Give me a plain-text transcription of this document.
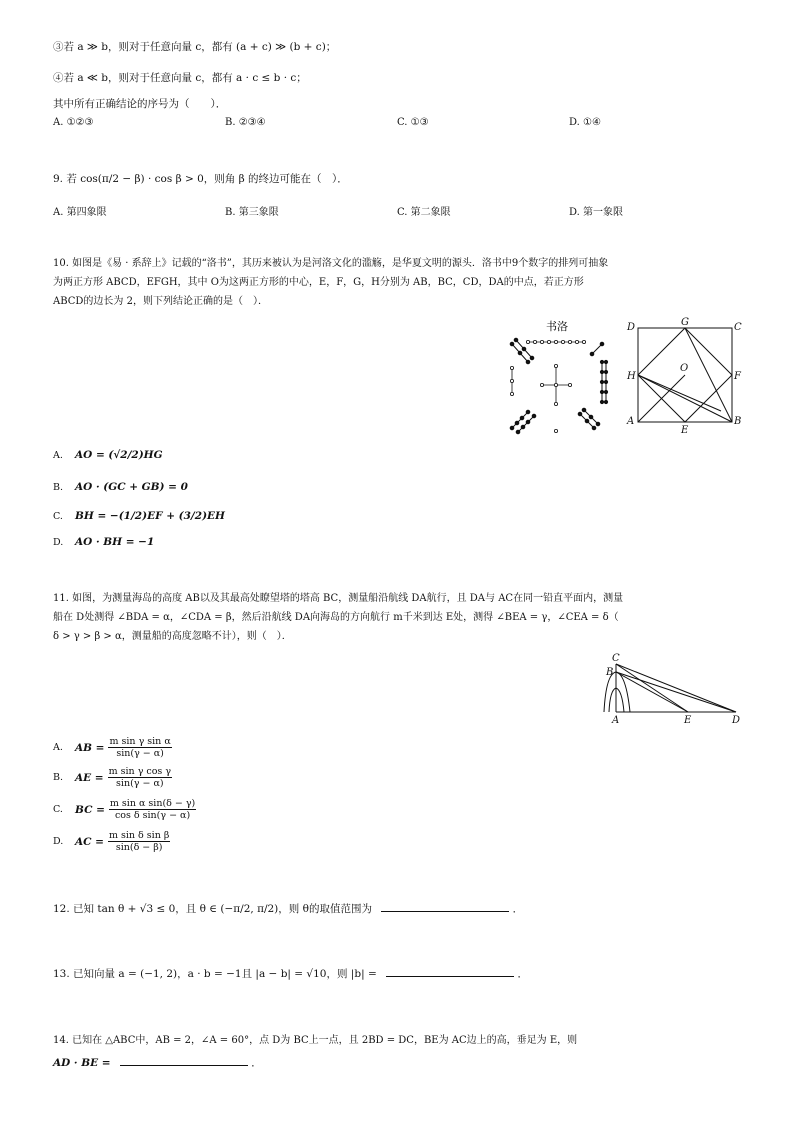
③若 a ≫ b，则对于任意向量 c，都有 (a + c) ≫ (b + c)；
④若 a ≪ b，则对于任意向量 c，都有 a · c ≤ b · c；
其中所有正确结论的序号为（　　）．
A. ①②③	B. ②③④	C. ①③	D. ①④
9. 若 cos(π/2 − β) · cos β > 0，则角 β 的终边可能在（　）．
A. 第四象限	B. 第三象限	C. 第二象限	D. 第一象限
10. 如图是《易 · 系辞上》记载的“洛书”，其历来被认为是河洛文化的滥觞，是华夏文明的源头．洛书中9个数字的排列可抽象
为两正方形 ABCD，EFGH，其中 O为这两正方形的中心，E，F，G，H分别为 AB，BC，CD，DA的中点，若正方形
ABCD的边长为 2，则下列结论正确的是（　）．
书洛	D	G	C
H
O
F
A
E
B
A.	AO = (√2/2)HG
B.	AO · (GC + GB) = 0
C.	BH = −(1/2)EF + (3/2)EH
D.	AO · BH = −1
11. 如图，为测量海岛的高度 AB以及其最高处瞭望塔的塔高 BC，测量船沿航线 DA航行，且 DA与 AC在同一铅直平面内，测量
船在 D处测得 ∠BDA = α，∠CDA = β，然后沿航线 DA向海岛的方向航行 m千米到达 E处，测得 ∠BEA = γ，∠CEA = δ（
δ > γ > β > α，测量船的高度忽略不计），则（　）．
C
B
A	E	D
A.	AB = $\frac{\text{m sin γ sin α}}{\sin(\gamma - \alpha)}$
B.	AE = $\frac{\text{m sin γ cos γ}}{\sin(\gamma - \alpha)}$
C.	BC = $\frac{\text{m sin α sin(δ − γ)}}{\text{cos δ sin(γ − α)}}$
D.	AC = $\frac{\text{m sin δ sin β}}{\sin(\delta - \beta)}$
12. 已知 tan θ + √3 ≤ 0，且 θ ∈ (−π/2, π/2)，则 θ的取值范围为	．
13. 已知向量 a = (−1, 2)，a · b = −1且 |a − b| = √10，则 |b| =	．
14. 已知在 △ABC中，AB = 2，∠A = 60°，点 D为 BC上一点，且 2BD = DC，BE为 AC边上的高，垂足为 E，则
AD · BE =	．
